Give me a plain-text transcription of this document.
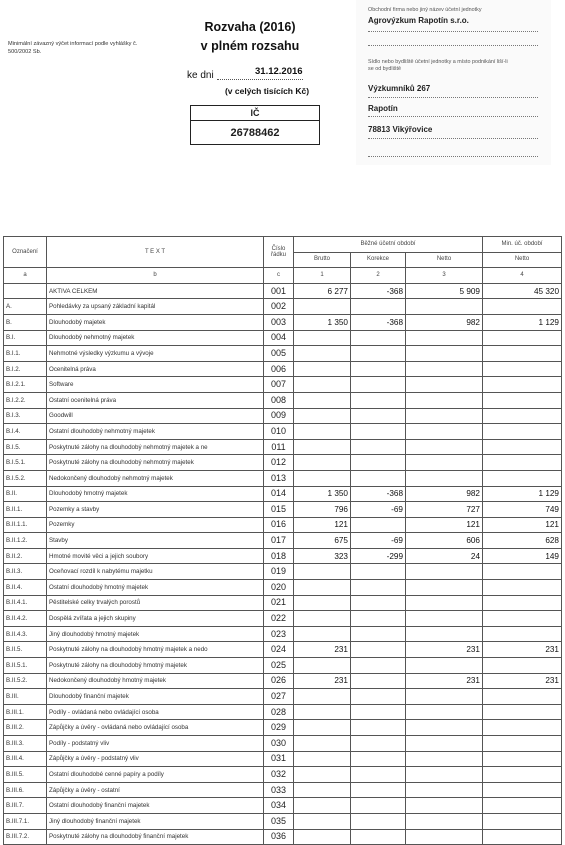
Minimální závazný výčet informací podle vyhlášky č. 500/2002 Sb.
Rozvaha (2016)
v plném rozsahu
ke dni	31.12.2016
(v celých tisících Kč)
IČ
26788462
Obchodní firma nebo jiný název účetní jednotky
Agrovýzkum Rapotín s.r.o.
Sídlo nebo bydliště účetní jednotky a místo podnikání liší-li se od bydliště
Výzkumníků 267
Rapotín
78813 Vikýřovice
Označení	T E X T	Číslo řádku	Běžné účetní období			Min. úč. období
			Brutto	Korekce	Netto	Netto
a	b	c	1	2	3	4
	AKTIVA CELKEM	001	6 277	-368	5 909	45 320
A.	Pohledávky za upsaný základní kapitál	002				
B.	Dlouhodobý majetek	003	1 350	-368	982	1 129
B.I.	Dlouhodobý nehmotný majetek	004				
B.I.1.	Nehmotné výsledky výzkumu a vývoje	005				
B.I.2.	Ocenitelná práva	006				
B.I.2.1.	Software	007				
B.I.2.2.	Ostatní ocenitelná práva	008				
B.I.3.	Goodwill	009				
B.I.4.	Ostatní dlouhodobý nehmotný majetek	010				
B.I.5.	Poskytnuté zálohy na dlouhodobý nehmotný majetek a ne	011				
B.I.5.1.	Poskytnuté zálohy na dlouhodobý nehmotný majetek	012				
B.I.5.2.	Nedokončený dlouhodobý nehmotný majetek	013				
B.II.	Dlouhodobý hmotný majetek	014	1 350	-368	982	1 129
B.II.1.	Pozemky a stavby	015	796	-69	727	749
B.II.1.1.	Pozemky	016	121		121	121
B.II.1.2.	Stavby	017	675	-69	606	628
B.II.2.	Hmotné movité věci a jejich soubory	018	323	-299	24	149
B.II.3.	Oceňovací rozdíl k nabytému majetku	019				
B.II.4.	Ostatní dlouhodobý hmotný majetek	020				
B.II.4.1.	Pěstitelské celky trvalých porostů	021				
B.II.4.2.	Dospělá zvířata a jejich skupiny	022				
B.II.4.3.	Jiný dlouhodobý hmotný majetek	023				
B.II.5.	Poskytnuté zálohy na dlouhodobý hmotný majetek a nedo	024	231		231	231
B.II.5.1.	Poskytnuté zálohy na dlouhodobý hmotný majetek	025				
B.II.5.2.	Nedokončený dlouhodobý hmotný majetek	026	231		231	231
B.III.	Dlouhodobý finanční majetek	027				
B.III.1.	Podíly - ovládaná nebo ovládající osoba	028				
B.III.2.	Zápůjčky a úvěry - ovládaná nebo ovládající osoba	029				
B.III.3.	Podíly - podstatný vliv	030				
B.III.4.	Zápůjčky a úvěry - podstatný vliv	031				
B.III.5.	Ostatní dlouhodobé cenné papíry a podíly	032				
B.III.6.	Zápůjčky a úvěry - ostatní	033				
B.III.7.	Ostatní dlouhodobý finanční majetek	034				
B.III.7.1.	Jiný dlouhodobý finanční majetek	035				
B.III.7.2.	Poskytnuté zálohy na dlouhodobý finanční majetek	036				
